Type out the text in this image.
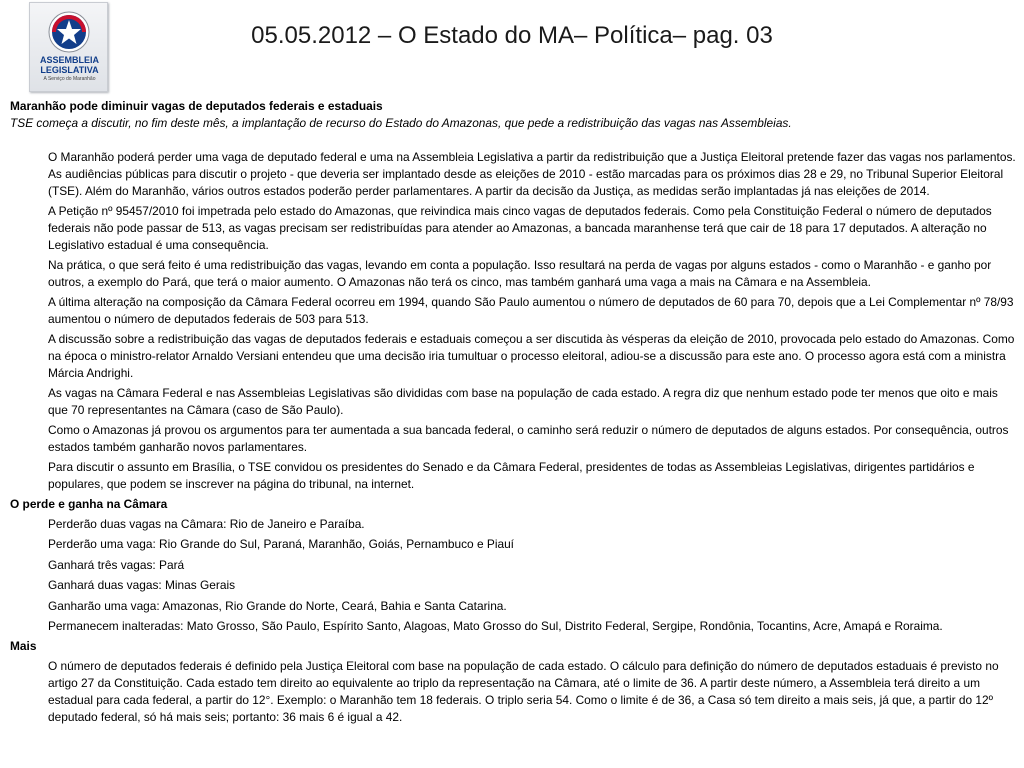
ASSEMBLEIA
LEGISLATIVA
A Serviço do Maranhão
05.05.2012 – O Estado do MA– Política– pag. 03

Maranhão pode diminuir vagas de deputados federais e estaduais

TSE começa a discutir, no fim deste mês, a implantação de recurso do Estado do Amazonas, que pede a redistribuição das vagas nas Assembleias.

O Maranhão poderá perder uma vaga de deputado federal e uma na Assembleia Legislativa a partir da redistribuição que a Justiça Eleitoral pretende fazer das vagas nos parlamentos. As audiências públicas para discutir o projeto - que deveria ser implantado desde as eleições de 2010 - estão marcadas para os próximos dias 28 e 29, no Tribunal Superior Eleitoral (TSE). Além do Maranhão, vários outros estados poderão perder parlamentares. A partir da decisão da Justiça, as medidas serão implantadas já nas eleições de 2014.

A Petição nº 95457/2010 foi impetrada pelo estado do Amazonas, que reivindica mais cinco vagas de deputados federais. Como pela Constituição Federal o número de deputados federais não pode passar de 513, as vagas precisam ser redistribuídas para atender ao Amazonas, a bancada maranhense terá que cair de 18 para 17 deputados. A alteração no Legislativo estadual é uma consequência.

Na prática, o que será feito é uma redistribuição das vagas, levando em conta a população. Isso resultará na perda de vagas por alguns estados - como o Maranhão - e ganho por outros, a exemplo do Pará, que terá o maior aumento. O Amazonas não terá os cinco, mas também ganhará uma vaga a mais na Câmara e na Assembleia.

A última alteração na composição da Câmara Federal ocorreu em 1994, quando São Paulo aumentou o número de deputados de 60 para 70, depois que a Lei Complementar nº 78/93 aumentou o número de deputados federais de 503 para 513.

A discussão sobre a redistribuição das vagas de deputados federais e estaduais começou a ser discutida às vésperas da eleição de 2010, provocada pelo estado do Amazonas. Como na época o ministro-relator Arnaldo Versiani entendeu que uma decisão iria tumultuar o processo eleitoral, adiou-se a discussão para este ano. O processo agora está com a ministra Márcia Andrighi.

As vagas na Câmara Federal e nas Assembleias Legislativas são divididas com base na população de cada estado. A regra diz que nenhum estado pode ter menos que oito e mais que 70 representantes na Câmara (caso de São Paulo).

Como o Amazonas já provou os argumentos para ter aumentada a sua bancada federal, o caminho será reduzir o número de deputados de alguns estados. Por consequência, outros estados também ganharão novos parlamentares.

Para discutir o assunto em Brasília, o TSE convidou os presidentes do Senado e da Câmara Federal, presidentes de todas as Assembleias Legislativas, dirigentes partidários e populares, que podem se inscrever na página do tribunal, na internet.

O perde e ganha na Câmara

Perderão duas vagas na Câmara: Rio de Janeiro e Paraíba.

Perderão uma vaga: Rio Grande do Sul, Paraná, Maranhão, Goiás, Pernambuco e Piauí

Ganhará três vagas: Pará

Ganhará duas vagas: Minas Gerais

Ganharão uma vaga: Amazonas, Rio Grande do Norte, Ceará, Bahia e Santa Catarina.

Permanecem inalteradas: Mato Grosso, São Paulo, Espírito Santo, Alagoas, Mato Grosso do Sul, Distrito Federal, Sergipe, Rondônia, Tocantins, Acre, Amapá e Roraima.

Mais

O número de deputados federais é definido pela Justiça Eleitoral com base na população de cada estado. O cálculo para definição do número de deputados estaduais é previsto no artigo 27 da Constituição. Cada estado tem direito ao equivalente ao triplo da representação na Câmara, até o limite de 36. A partir deste número, a Assembleia terá direito a um estadual para cada federal, a partir do 12°. Exemplo: o Maranhão tem 18 federais. O triplo seria 54. Como o limite é de 36, a Casa só tem direito a mais seis, já que, a partir do 12º deputado federal, só há mais seis; portanto: 36 mais 6 é igual a 42.
